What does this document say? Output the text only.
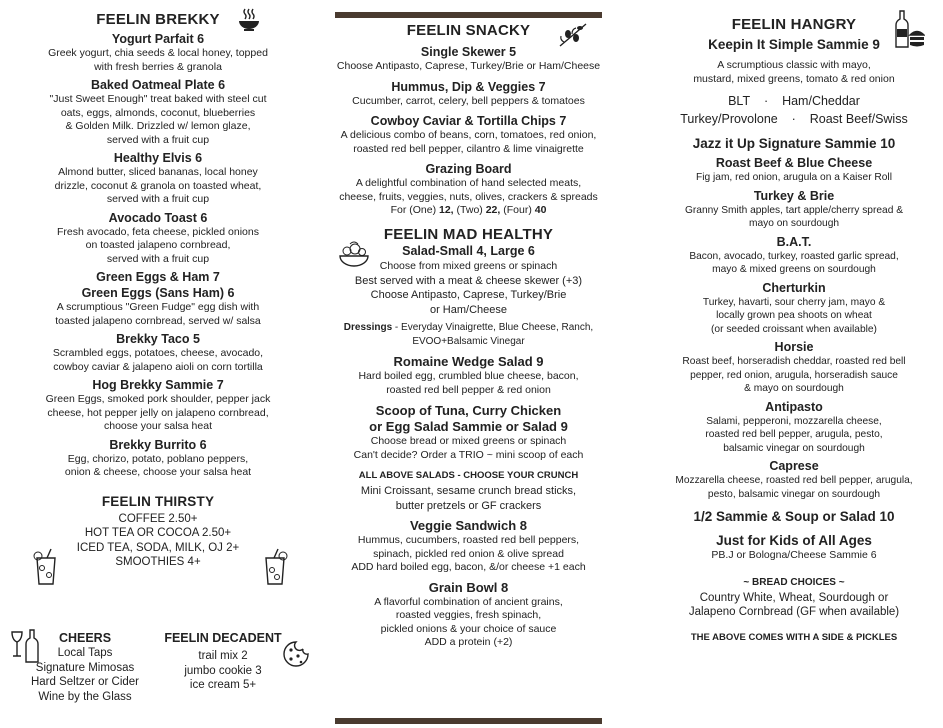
FEELIN BREKKY
Yogurt Parfait 6
Greek yogurt, chia seeds & local honey, topped
with fresh berries & granola
Baked Oatmeal Plate 6
"Just Sweet Enough" treat baked with steel cut
oats, eggs, almonds, coconut, blueberries
& Golden Milk. Drizzled w/ lemon glaze,
served with a fruit cup
Healthy Elvis 6
Almond butter, sliced bananas, local honey
drizzle, coconut & granola on toasted wheat,
served with a fruit cup
Avocado Toast 6
Fresh avocado, feta cheese, pickled onions
on toasted jalapeno cornbread,
served with a fruit cup
Green Eggs & Ham 7
Green Eggs (Sans Ham) 6
A scrumptious "Green Fudge" egg dish with
toasted jalapeno cornbread, served w/ salsa
Brekky Taco 5
Scrambled eggs, potatoes, cheese, avocado,
cowboy caviar & jalapeno aioli on corn tortilla
Hog Brekky Sammie 7
Green Eggs, smoked pork shoulder, pepper jack
cheese, hot pepper jelly on jalapeno cornbread,
choose your salsa heat
Brekky Burrito 6
Egg, chorizo, potato, poblano peppers,
onion & cheese, choose your salsa heat
FEELIN THIRSTY
COFFEE 2.50+
HOT TEA OR COCOA 2.50+
ICED TEA, SODA, MILK, OJ 2+
SMOOTHIES 4+
CHEERS
Local Taps
Signature Mimosas
Hard Seltzer or Cider
Wine by the Glass
FEELIN DECADENT
trail mix 2
jumbo cookie 3
ice cream 5+
FEELIN SNACKY
Single Skewer 5
Choose Antipasto, Caprese, Turkey/Brie or Ham/Cheese
Hummus, Dip & Veggies 7
Cucumber, carrot, celery, bell peppers & tomatoes
Cowboy Caviar & Tortilla Chips 7
A delicious combo of beans, corn, tomatoes, red onion,
roasted red bell pepper, cilantro & lime vinaigrette
Grazing Board
A delightful combination of hand selected meats,
cheese, fruits, veggies, nuts, olives, crackers & spreads
For (One) 12, (Two) 22, (Four) 40
FEELIN MAD HEALTHY
Salad-Small 4, Large 6
Choose from mixed greens or spinach
Best served with a meat & cheese skewer (+3)
Choose Antipasto, Caprese, Turkey/Brie
or Ham/Cheese
Dressings - Everyday Vinaigrette, Blue Cheese, Ranch,
EVOO+Balsamic Vinegar
Romaine Wedge Salad 9
Hard boiled egg, crumbled blue cheese, bacon,
roasted red bell pepper & red onion
Scoop of Tuna, Curry Chicken
or Egg Salad Sammie or Salad 9
Choose bread or mixed greens or spinach
Can't decide? Order a TRIO ~ mini scoop of each
ALL ABOVE SALADS - CHOOSE YOUR CRUNCH
Mini Croissant, sesame crunch bread sticks,
butter pretzels or GF crackers
Veggie Sandwich 8
Hummus, cucumbers, roasted red bell peppers,
spinach, pickled red onion & olive spread
ADD hard boiled egg, bacon, &/or cheese +1 each
Grain Bowl 8
A flavorful combination of ancient grains,
roasted veggies, fresh spinach,
pickled onions & your choice of sauce
ADD a protein (+2)
FEELIN HANGRY
Keepin It Simple Sammie 9
A scrumptious classic with mayo,
mustard, mixed greens, tomato & red onion
BLT · Ham/Cheddar
Turkey/Provolone · Roast Beef/Swiss
Jazz it Up Signature Sammie 10
Roast Beef & Blue Cheese
Fig jam, red onion, arugula on a Kaiser Roll
Turkey & Brie
Granny Smith apples, tart apple/cherry spread &
mayo on sourdough
B.A.T.
Bacon, avocado, turkey, roasted garlic spread,
mayo & mixed greens on sourdough
Cherturkin
Turkey, havarti, sour cherry jam, mayo &
locally grown pea shoots on wheat
(or seeded croissant when available)
Horsie
Roast beef, horseradish cheddar, roasted red bell
pepper, red onion, arugula, horseradish sauce
& mayo on sourdough
Antipasto
Salami, pepperoni, mozzarella cheese,
roasted red bell pepper, arugula, pesto,
balsamic vinegar on sourdough
Caprese
Mozzarella cheese, roasted red bell pepper, arugula,
pesto, balsamic vinegar on sourdough
1/2 Sammie & Soup or Salad 10
Just for Kids of All Ages
PB.J or Bologna/Cheese Sammie 6
~ BREAD CHOICES ~
Country White, Wheat, Sourdough or
Jalapeno Cornbread (GF when available)
THE ABOVE COMES WITH A SIDE & PICKLES
